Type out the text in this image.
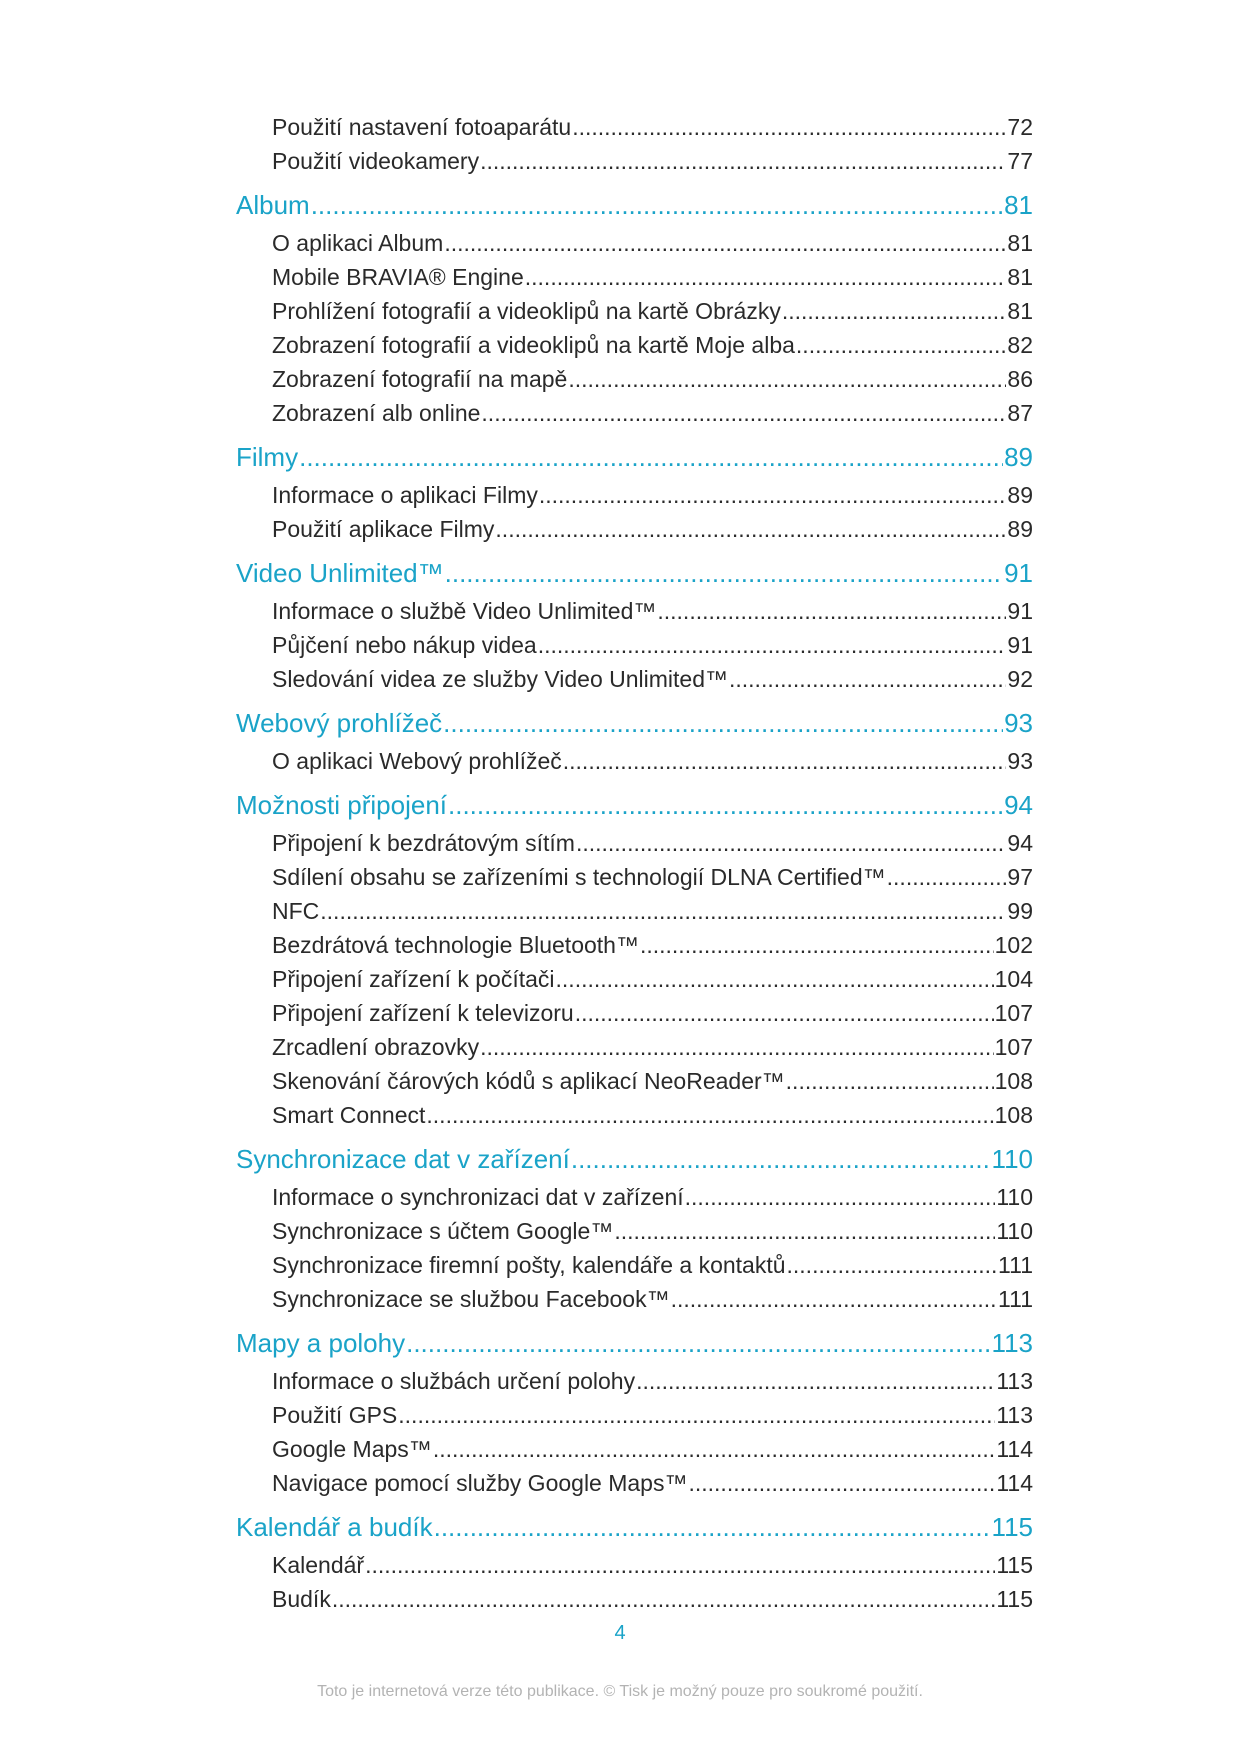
Použití nastavení fotoaparátu .....	72
Použití videokamery .....	77
Album .....	81
O aplikaci Album .....	81
Mobile BRAVIA® Engine .....	81
Prohlížení fotografií a videoklipů na kartě Obrázky .....	81
Zobrazení fotografií a videoklipů na kartě Moje alba .....	82
Zobrazení fotografií na mapě .....	86
Zobrazení alb online .....	87
Filmy .....	89
Informace o aplikaci Filmy .....	89
Použití aplikace Filmy .....	89
Video Unlimited™ .....	91
Informace o službě Video Unlimited™ .....	91
Půjčení nebo nákup videa .....	91
Sledování videa ze služby Video Unlimited™ .....	92
Webový prohlížeč .....	93
O aplikaci Webový prohlížeč .....	93
Možnosti připojení .....	94
Připojení k bezdrátovým sítím .....	94
Sdílení obsahu se zařízeními s technologií DLNA Certified™ .....	97
NFC .....	99
Bezdrátová technologie Bluetooth™ .....	102
Připojení zařízení k počítači .....	104
Připojení zařízení k televizoru .....	107
Zrcadlení obrazovky .....	107
Skenování čárových kódů s aplikací NeoReader™ .....	108
Smart Connect .....	108
Synchronizace dat v zařízení .....	110
Informace o synchronizaci dat v zařízení .....	110
Synchronizace s účtem Google™ .....	110
Synchronizace firemní pošty, kalendáře a kontaktů .....	111
Synchronizace se službou Facebook™ .....	111
Mapy a polohy .....	113
Informace o službách určení polohy .....	113
Použití GPS .....	113
Google Maps™ .....	114
Navigace pomocí služby Google Maps™ .....	114
Kalendář a budík .....	115
Kalendář .....	115
Budík .....	115
4
Toto je internetová verze této publikace. © Tisk je možný pouze pro soukromé použití.
